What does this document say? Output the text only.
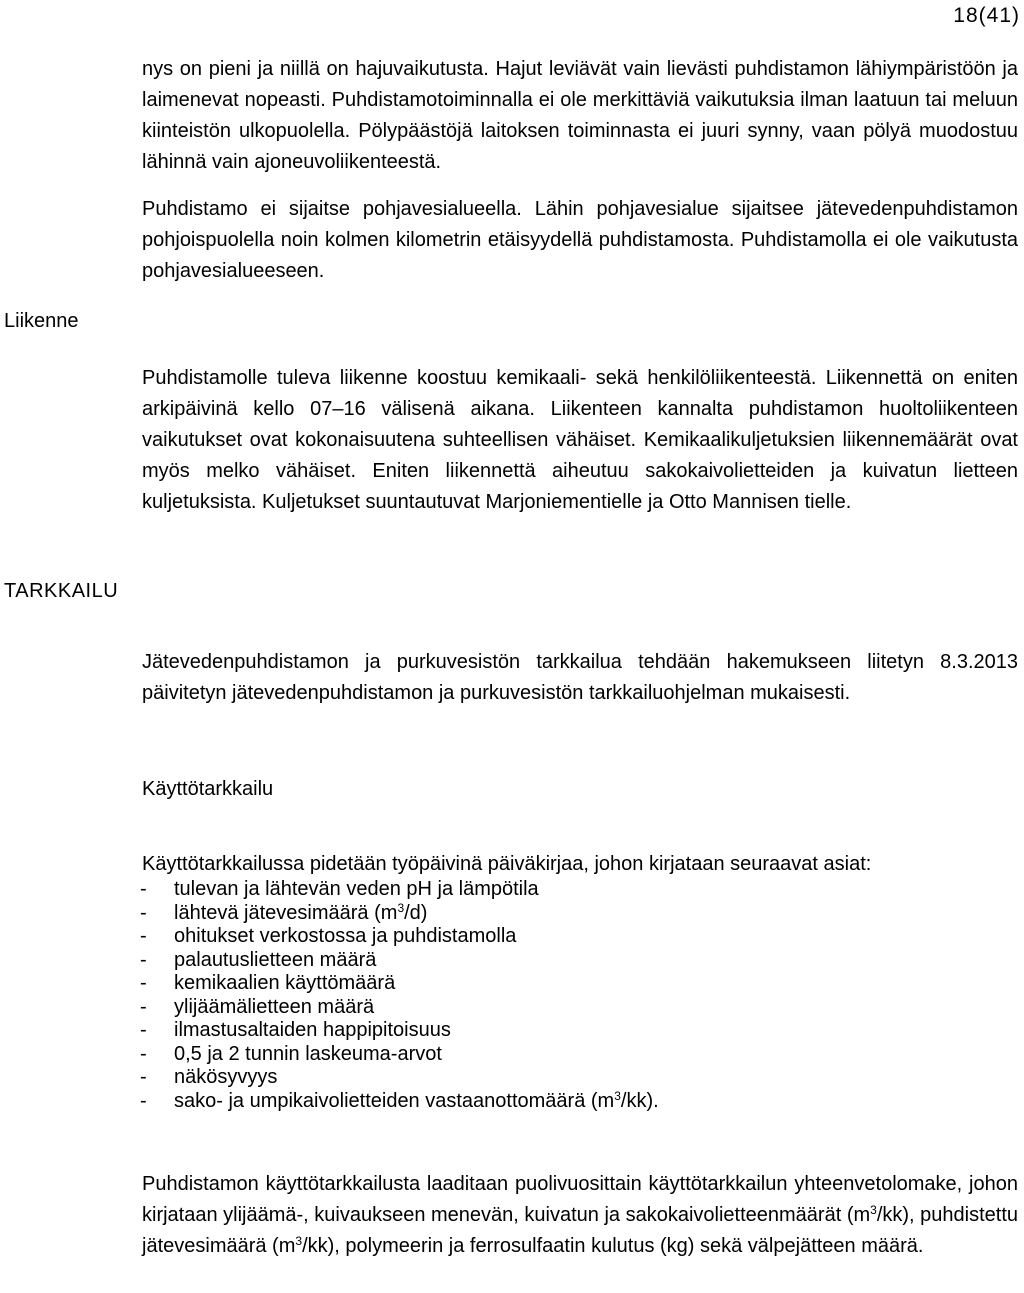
18(41)
Liikenne
TARKKAILU

nys on pieni ja niillä on hajuvaikutusta. Hajut leviävät vain lievästi puhdistamon lähiympäristöön ja laimenevat nopeasti. Puhdistamotoiminnalla ei ole merkittäviä vaikutuksia ilman laatuun tai meluun kiinteistön ulkopuolella. Pölypäästöjä laitoksen toiminnasta ei juuri synny, vaan pölyä muodostuu lähinnä vain ajoneuvoliikenteestä.

Puhdistamo ei sijaitse pohjavesialueella. Lähin pohjavesialue sijaitsee jätevedenpuhdistamon pohjoispuolella noin kolmen kilometrin etäisyydellä puhdistamosta. Puhdistamolla ei ole vaikutusta pohjavesialueeseen.

Puhdistamolle tuleva liikenne koostuu kemikaali- sekä henkilöliikenteestä. Liikennettä on eniten arkipäivinä kello 07–16 välisenä aikana. Liikenteen kannalta puhdistamon huoltoliikenteen vaikutukset ovat kokonaisuutena suhteellisen vähäiset. Kemikaalikuljetuksien liikennemäärät ovat myös melko vähäiset. Eniten liikennettä aiheutuu sakokaivolietteiden ja kuivatun lietteen kuljetuksista. Kuljetukset suuntautuvat Marjoniementielle ja Otto Mannisen tielle.

Jätevedenpuhdistamon ja purkuvesistön tarkkailua tehdään hakemukseen liitetyn 8.3.2013 päivitetyn jätevedenpuhdistamon ja purkuvesistön tarkkailuohjelman mukaisesti.

Käyttötarkkailu

Käyttötarkkailussa pidetään työpäivinä päiväkirjaa, johon kirjataan seuraavat asiat:

- tulevan ja lähtevän veden pH ja lämpötila
- lähtevä jätevesimäärä $(m^3/d)$
- ohitukset verkostossa ja puhdistamolla
- palautuslietteen määrä
- kemikaalien käyttömäärä
- ylijäämälietteen määrä
- ilmastusaltaiden happipitoisuus
- 0,5 ja 2 tunnin laskeuma-arvot
- näkösyvyys
- sako- ja umpikaivolietteiden vastaanottomäärä $(m^3/kk)$.

Puhdistamon käyttötarkkailusta laaditaan puolivuosittain käyttötarkkailun yhteenvetolomake, johon kirjataan ylijäämä-, kuivaukseen menevän, kuivatun ja sakokaivolietteenmäärät $(m^3/kk)$, puhdistettu jätevesimäärä $(m^3/kk)$, polymeerin ja ferrosulfaatin kulutus (kg) sekä välpejätteen määrä.
